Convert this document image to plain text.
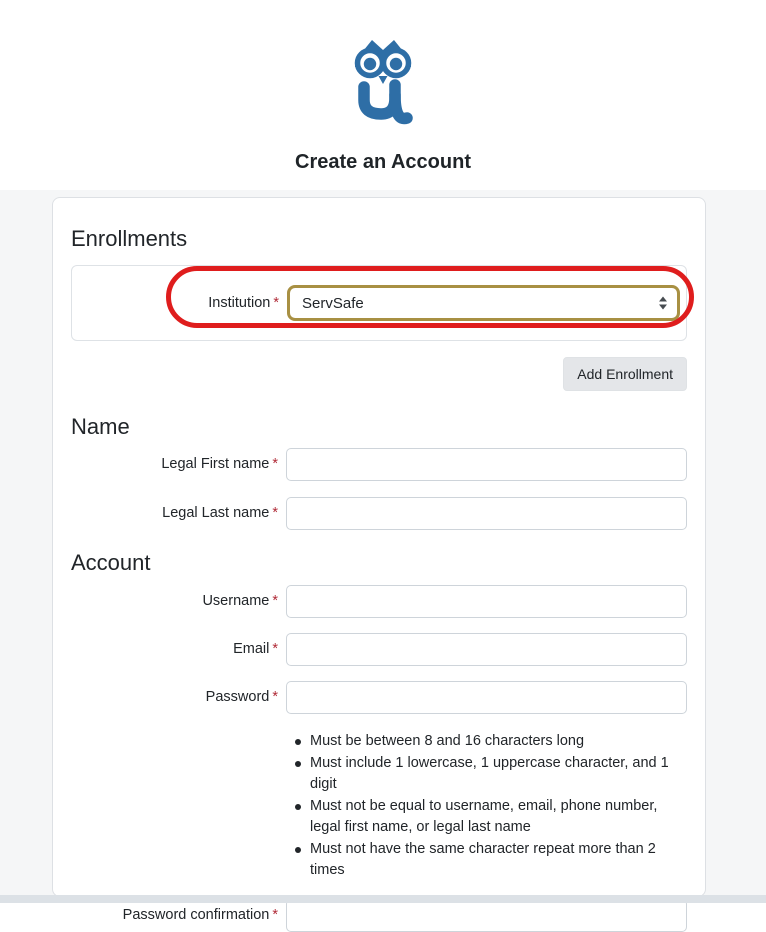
Create an Account
Enrollments
Institution *
ServSafe
Add Enrollment
Name
Legal First name *
Legal Last name *
Account
Username *
Email *
Password *
Must be between 8 and 16 characters long
Must include 1 lowercase, 1 uppercase character, and 1 digit
Must not be equal to username, email, phone number, legal first name, or legal last name
Must not have the same character repeat more than 2 times
Password confirmation *
